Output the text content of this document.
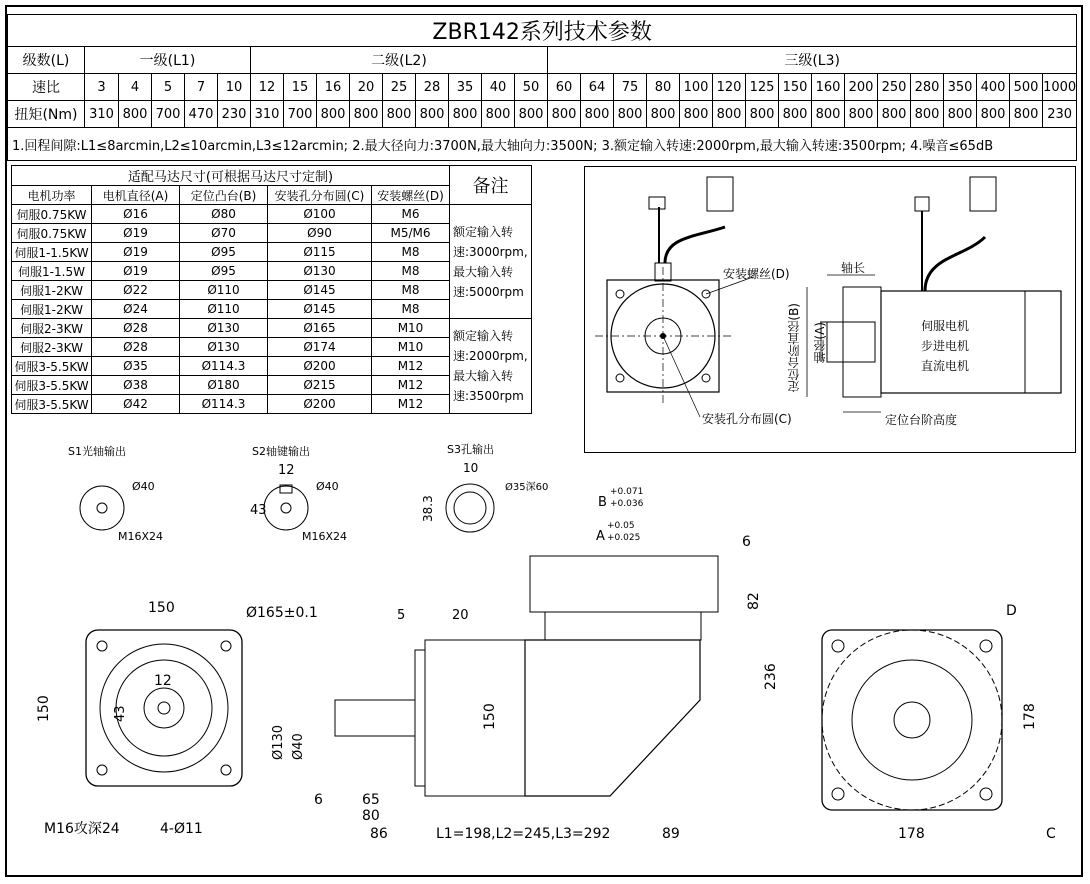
ZBR142系列技术参数																														
级数(L)	一级(L1)					二级(L2)									三级(L3)															
速比	3	4	5	7	10	12	15	16	20	25	28	35	40	50	60	64	75	80	100	120	125	150	160	200	250	280	350	400	500	1000
扭矩(Nm)	310	800	700	470	230	310	700	800	800	800	800	800	800	800	800	800	800	800	800	800	800	800	800	800	800	800	800	800	800	230
1.回程间隙:L1≤8arcmin,L2≤10arcmin,L3≤12arcmin; 2.最大径向力:3700N,最大轴向力:3500N; 3.额定输入转速:2000rpm,最大输入转速:3500rpm; 4.噪音≤65dB																														
适配马达尺寸(可根据马达尺寸定制)					备注
电机功率	电机直径(A)	定位凸台(B)	安装孔分布圆(C)	安装螺丝(D)	
伺服0.75KW	Ø16	Ø80	Ø100	M6	额定输入转速:3000rpm,最大输入转速:5000rpm
伺服0.75KW	Ø19	Ø70	Ø90	M5/M6	
伺服1-1.5KW	Ø19	Ø95	Ø115	M8	
伺服1-1.5W	Ø19	Ø95	Ø130	M8	
伺服1-2KW	Ø22	Ø110	Ø145	M8	
伺服1-2KW	Ø24	Ø110	Ø145	M8	
伺服2-3KW	Ø28	Ø130	Ø165	M10	额定输入转速:2000rpm,最大输入转速:3500rpm
伺服2-3KW	Ø28	Ø130	Ø174	M10	
伺服3-5.5KW	Ø35	Ø114.3	Ø200	M12	
伺服3-5.5KW	Ø38	Ø180	Ø215	M12	
伺服3-5.5KW	Ø42	Ø114.3	Ø200	M12	
安装螺丝(D)
安装孔分布圆(C)
轴长
定位台阶直径(B) 轴径(A)	伺服电机
步进电机
直流电机
定位台阶高度
S1光轴输出
Ø40
M16X24
S2轴键输出
12
43
Ø40
M16X24
S3孔输出
10
38.3
Ø35深60
150
150
Ø165±0.1
12
43
M16攻深24	4-Ø11
5	20
Ø130 Ø40
150
6	65
80
86	L1=198,L2=245,L3=292	89
236
82
6
B
+0.071
+0.036
A
+0.05
+0.025
D
C
178
178
